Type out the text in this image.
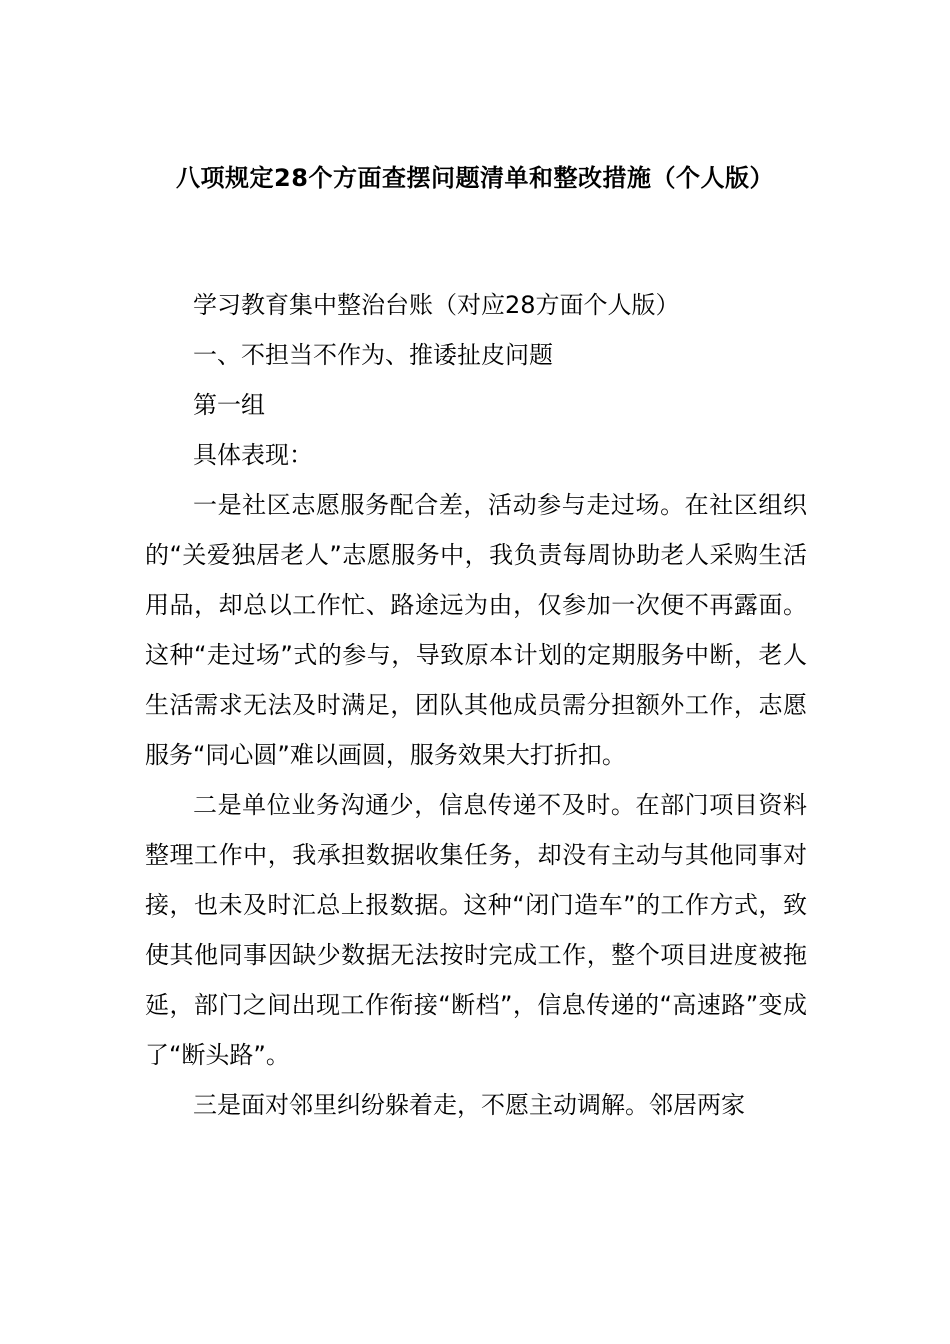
八项规定28个方面查摆问题清单和整改措施（个人版）

学习教育集中整治台账（对应28方面个人版）

一、不担当不作为、推诿扯皮问题

第一组

具体表现：

一是社区志愿服务配合差，活动参与走过场。在社区组织的“关爱独居老人”志愿服务中，我负责每周协助老人采购生活用品，却总以工作忙、路途远为由，仅参加一次便不再露面。这种“走过场”式的参与，导致原本计划的定期服务中断，老人生活需求无法及时满足，团队其他成员需分担额外工作，志愿服务“同心圆”难以画圆，服务效果大打折扣。

二是单位业务沟通少，信息传递不及时。在部门项目资料整理工作中，我承担数据收集任务，却没有主动与其他同事对接，也未及时汇总上报数据。这种“闭门造车”的工作方式，致使其他同事因缺少数据无法按时完成工作，整个项目进度被拖延，部门之间出现工作衔接“断档”，信息传递的“高速路”变成了“断头路”。

三是面对邻里纠纷躲着走，不愿主动调解。邻居两家
